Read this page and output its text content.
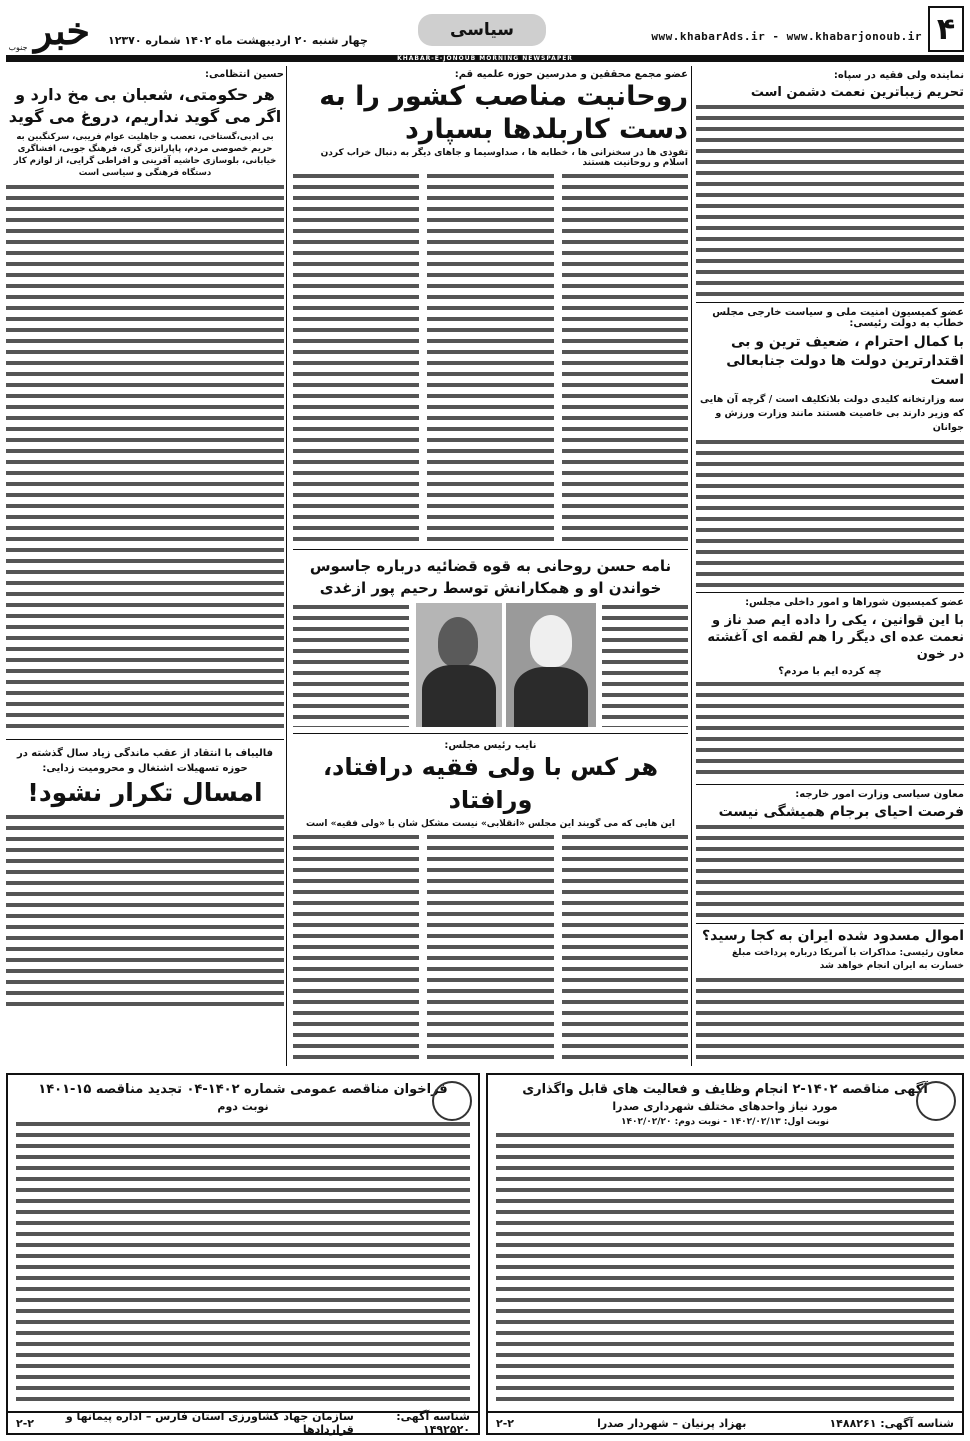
۴
www.khabarAds.ir - www.khabarjonoub.ir
سیاسی
چهار شنبه ۲۰ اردیبهشت ماه ۱۴۰۲ شماره ۱۲۳۷۰
خبر
جنوب
KHABAR-E-JONOUB MORNING NEWSPAPER
نماینده ولی فقیه در سپاه:
تحریم زیباترین نعمت دشمن است
عضو کمیسیون امنیت ملی و سیاست خارجی مجلس خطاب به دولت رئیسی:
با کمال احترام ، ضعیف ترین و بی اقتدارترین دولت ها دولت جنابعالی است
سه وزارتخانه کلیدی دولت بلاتکلیف است / گرچه آن هایی که وزیر دارند بی خاصیت هستند مانند وزارت ورزش و جوانان
عضو کمیسیون شوراها و امور داخلی مجلس:
با این قوانین ، یکی را داده ایم صد ناز و نعمت عده ای دیگر را هم لقمه ای آغشته در خون
چه کرده ایم با مردم؟
معاون سیاسی وزارت امور خارجه:
فرصت احیای برجام همیشگی نیست
اموال مسدود شده ایران به کجا رسید؟
معاون رئیسی: مذاکرات با آمریکا درباره پرداخت مبلغ خسارت به ایران انجام خواهد شد
عضو مجمع محققین و مدرسین حوزه علمیه قم:
روحانیت مناصب کشور را به دست کاربلدها بسپارد
تفوذی ها در سخنرانی ها ، خطابه ها ، صداوسیما و جاهای دیگر به دنبال خراب کردن اسلام و روحانیت هستند
نامه حسن روحانی به قوه قضائیه درباره جاسوس خواندن او و همکارانش توسط رحیم پور ازغدی
نایب رئیس مجلس:
هر کس با ولی فقیه درافتاد، ورافتاد
این هایی که می گویند این مجلس «انقلابی» نیست مشکل شان با «ولی فقیه» است
حسین انتظامی:
هر حکومتی، شعبان بی مخ دارد و اگر می گوید نداریم، دروغ می گوید
بی ادبی،گستاخی، تعصب و جاهلیت عوام فریبی، سرکنگبین به حریم خصوصی مردم، پاپاراتزی گری، فرهنگ جویی، افشاگری خیابانی، بلوسازی حاشیه آفرینی و افراطی گرایی، از لوازم کار دستگاه فرهنگی و سیاسی است
فالیباف با انتقاد از عقب ماندگی زیاد سال گذشته در حوزه تسهیلات اشتغال و محرومیت زدایی:
امسال تکرار نشود!
آگهی مناقصه ۱۴۰۲-۲ انجام وظایف و فعالیت های قابل واگذاری
مورد نیاز واحدهای مختلف شهرداری صدرا
نوبت اول: ۱۴۰۲/۰۲/۱۳ - نوبت دوم: ۱۴۰۲/۰۲/۲۰
شناسه آگهی: ۱۴۸۸۲۶۱
بهزاد پرنیان – شهردار صدرا
۲-۲
فراخوان مناقصه عمومی شماره ۱۴۰۲-۰۴ تجدید مناقصه ۱۵-۱۴۰۱
نوبت دوم
شناسه آگهی: ۱۴۹۲۵۲۰
سازمان جهاد کشاورزی استان فارس – اداره پیمانها و قراردادها
۲-۲
